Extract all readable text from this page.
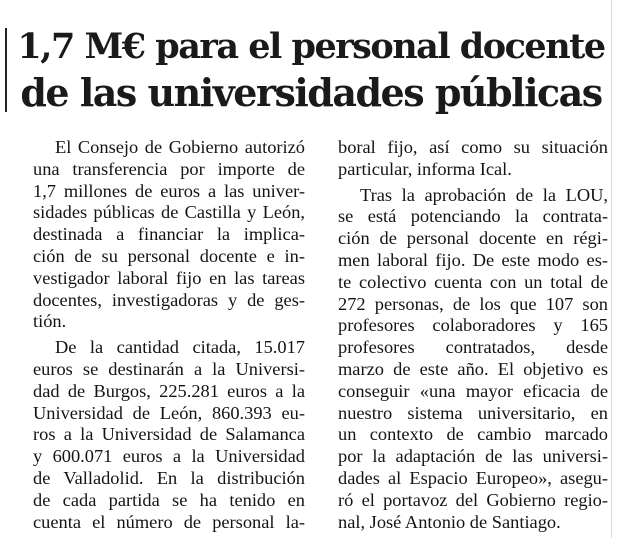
1,7 M€ para el personal docente
de las universidades públicas
El Consejo de Gobierno autorizó
una transferencia por importe de
1,7 millones de euros a las univer-
sidades públicas de Castilla y León,
destinada a financiar la implica-
ción de su personal docente e in-
vestigador laboral fijo en las tareas
docentes, investigadoras y de ges-
tión.
De la cantidad citada, 15.017
euros se destinarán a la Universi-
dad de Burgos, 225.281 euros a la
Universidad de León, 860.393 eu-
ros a la Universidad de Salamanca
y 600.071 euros a la Universidad
de Valladolid. En la distribución
de cada partida se ha tenido en
cuenta el número de personal la-
boral fijo, así como su situación
particular, informa Ical.
Tras la aprobación de la LOU,
se está potenciando la contrata-
ción de personal docente en régi-
men laboral fijo. De este modo es-
te colectivo cuenta con un total de
272 personas, de los que 107 son
profesores colaboradores y 165
profesores contratados, desde
marzo de este año. El objetivo es
conseguir «una mayor eficacia de
nuestro sistema universitario, en
un contexto de cambio marcado
por la adaptación de las universi-
dades al Espacio Europeo», asegu-
ró el portavoz del Gobierno regio-
nal, José Antonio de Santiago.
